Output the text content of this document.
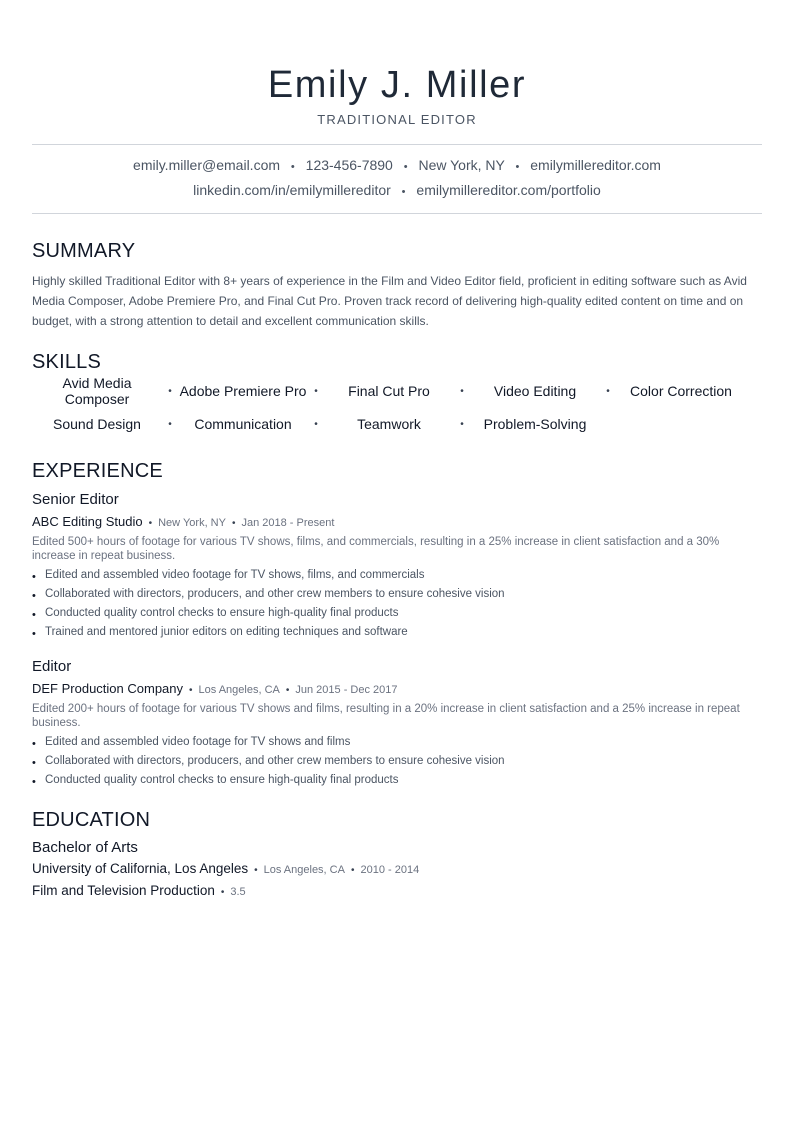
Emily J. Miller
TRADITIONAL EDITOR
emily.miller@email.com • 123-456-7890 • New York, NY • emilymillereditor.com
linkedin.com/in/emilymillereditor • emilymillereditor.com/portfolio
SUMMARY

Highly skilled Traditional Editor with 8+ years of experience in the Film and Video Editor field, proficient in editing software such as Avid Media Composer, Adobe Premiere Pro, and Final Cut Pro. Proven track record of delivering high-quality edited content on time and on budget, with a strong attention to detail and excellent communication skills.

SKILLS
Avid Media Composer	• Adobe Premiere Pro •	Final Cut Pro	•	Video Editing	•	Color Correction
Sound Design	•	Communication	•	Teamwork	•	Problem-Solving
EXPERIENCE
Senior Editor
ABC Editing Studio • New York, NY • Jan 2018 - Present

Edited 500+ hours of footage for various TV shows, films, and commercials, resulting in a 25% increase in client satisfaction and a 30% increase in repeat business.

• Edited and assembled video footage for TV shows, films, and commercials
• Collaborated with directors, producers, and other crew members to ensure cohesive vision
• Conducted quality control checks to ensure high-quality final products
• Trained and mentored junior editors on editing techniques and software
Editor
DEF Production Company • Los Angeles, CA • Jun 2015 - Dec 2017

Edited 200+ hours of footage for various TV shows and films, resulting in a 20% increase in client satisfaction and a 25% increase in repeat business.

• Edited and assembled video footage for TV shows and films
• Collaborated with directors, producers, and other crew members to ensure cohesive vision
• Conducted quality control checks to ensure high-quality final products
EDUCATION
Bachelor of Arts
University of California, Los Angeles • Los Angeles, CA • 2010 - 2014
Film and Television Production • 3.5
